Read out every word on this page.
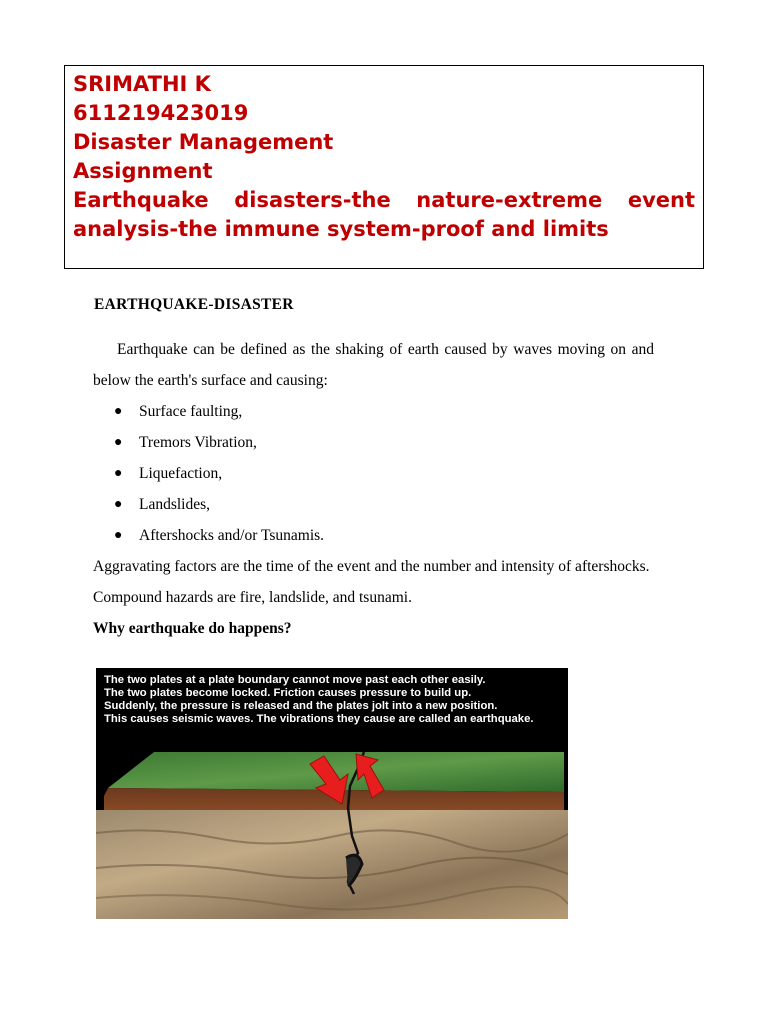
SRIMATHI K
611219423019
Disaster Management
Assignment
Earthquake disasters-the nature-extreme event analysis-the immune system-proof and limits
EARTHQUAKE-DISASTER

Earthquake can be defined as the shaking of earth caused by waves moving on and below the earth's surface and causing:

● Surface faulting,
● Tremors Vibration,
● Liquefaction,
● Landslides,
● Aftershocks and/or Tsunamis.

Aggravating factors are the time of the event and the number and intensity of aftershocks.

Compound hazards are fire, landslide, and tsunami.

Why earthquake do happens?

The two plates at a plate boundary cannot move past each other easily.
The two plates become locked. Friction causes pressure to build up.
Suddenly, the pressure is released and the plates jolt into a new position.
This causes seismic waves. The vibrations they cause are called an earthquake.
